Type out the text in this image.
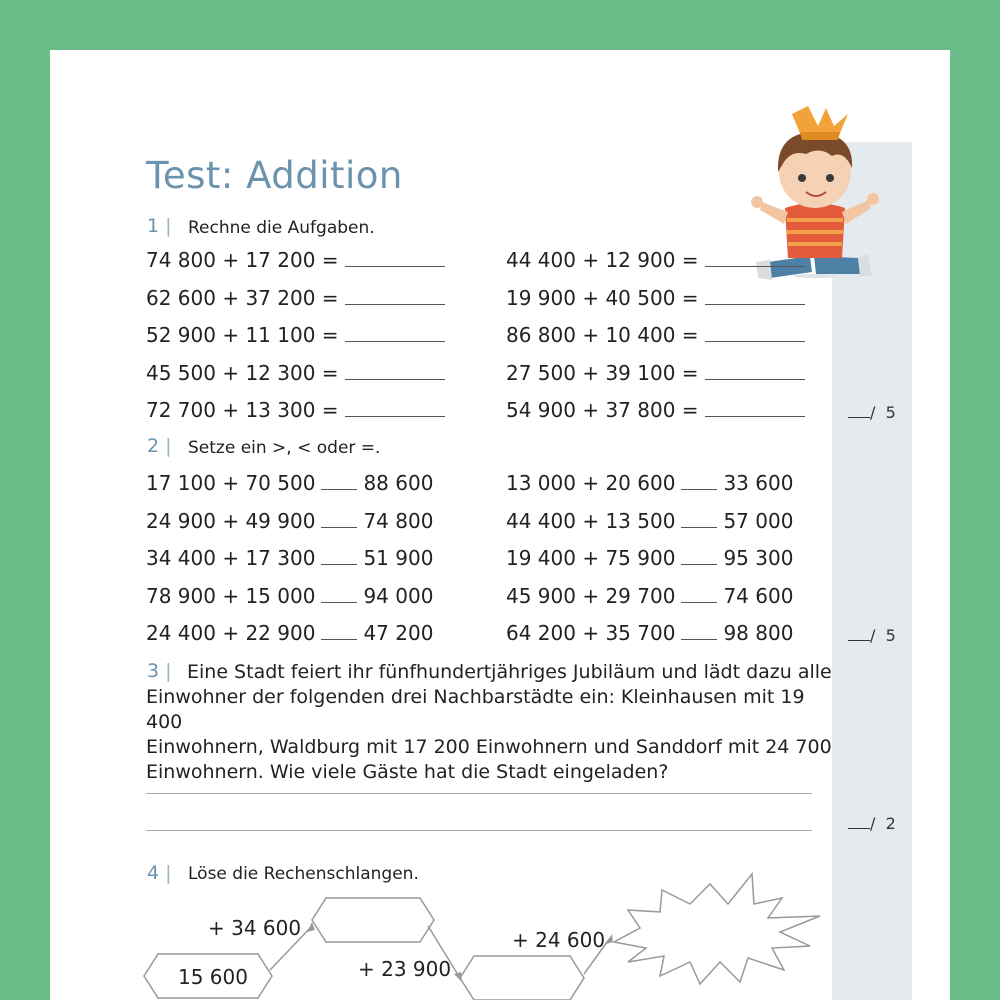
Test: Addition
1 | Rechne die Aufgaben.
74 800 + 17 200 =
62 600 + 37 200 =
52 900 + 11 100 =
45 500 + 12 300 =
72 700 + 13 300 =
44 400 + 12 900 =
19 900 + 40 500 =
86 800 + 10 400 =
27 500 + 39 100 =
54 900 + 37 800 =	/ 5
2 | Setze ein >, < oder =.
17 100 + 70 500 88 600
24 900 + 49 900 74 800
34 400 + 17 300 51 900
78 900 + 15 000 94 000
24 400 + 22 900 47 200
13 000 + 20 600 33 600
44 400 + 13 500 57 000
19 400 + 75 900 95 300
45 900 + 29 700 74 600
64 200 + 35 700 98 800	/ 5
3 | Eine Stadt feiert ihr fünfhundertjähriges Jubiläum und lädt dazu alle
Einwohner der folgenden drei Nachbarstädte ein: Kleinhausen mit 19 400
Einwohnern, Waldburg mit 17 200 Einwohnern und Sanddorf mit 24 700
Einwohnern. Wie viele Gäste hat die Stadt eingeladen?
/ 2
4 | Löse die Rechenschlangen.
15 600
+ 34 600
+ 23 900
+ 24 600
